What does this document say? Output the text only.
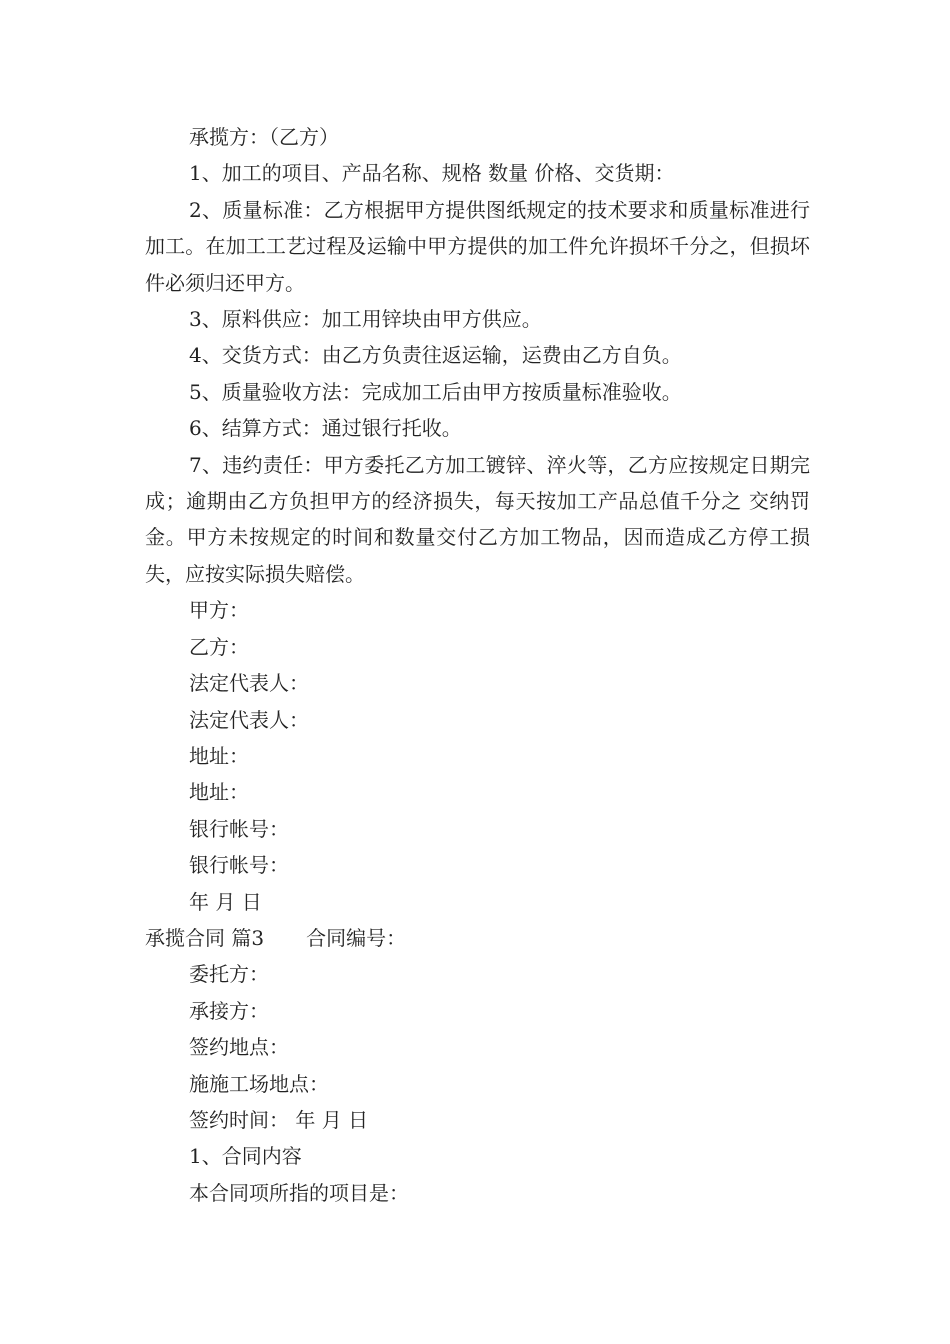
承揽方：（乙方）

1、加工的项目、产品名称、规格 数量 价格、交货期：

2、质量标准：乙方根据甲方提供图纸规定的技术要求和质量标准进行加工。在加工工艺过程及运输中甲方提供的加工件允许损坏千分之，但损坏件必须归还甲方。

3、原料供应：加工用锌块由甲方供应。

4、交货方式：由乙方负责往返运输，运费由乙方自负。

5、质量验收方法：完成加工后由甲方按质量标准验收。

6、结算方式：通过银行托收。

7、违约责任：甲方委托乙方加工镀锌、淬火等，乙方应按规定日期完成；逾期由乙方负担甲方的经济损失，每天按加工产品总值千分之 交纳罚金。甲方未按规定的时间和数量交付乙方加工物品，因而造成乙方停工损失，应按实际损失赔偿。

甲方：

乙方：

法定代表人：

法定代表人：

地址：

地址：

银行帐号：

银行帐号：

年 月 日

承揽合同 篇3 合同编号：

委托方：

承接方：

签约地点：

施施工场地点：

签约时间： 年 月 日

1、合同内容

本合同项所指的项目是：
